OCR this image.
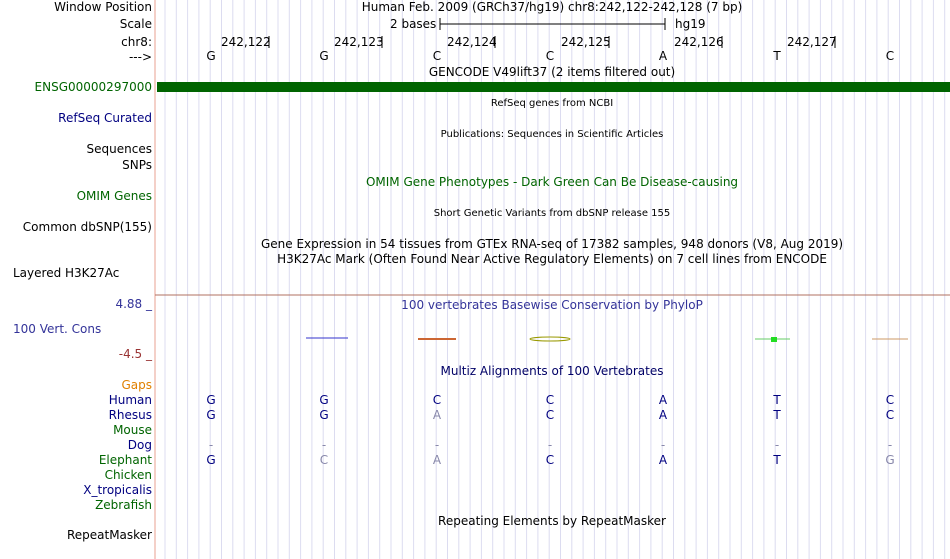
Window Position	Human Feb. 2009 (GRCh37/hg19) chr8:242,122-242,128 (7 bp)
Scale	2 bases	hg19
chr8:
--->
242,122	242,123	242,124	242,125	242,126	242,127
G	G	C	C	A	T	C
GENCODE V49lift37 (2 items filtered out)
ENSG00000297000
RefSeq genes from NCBI
RefSeq Curated
Publications: Sequences in Scientific Articles
Sequences
SNPs
OMIM Gene Phenotypes - Dark Green Can Be Disease-causing
OMIM Genes
Short Genetic Variants from dbSNP release 155
Common dbSNP(155)
Gene Expression in 54 tissues from GTEx RNA-seq of 17382 samples, 948 donors (V8, Aug 2019)
H3K27Ac Mark (Often Found Near Active Regulatory Elements) on 7 cell lines from ENCODE
Layered H3K27Ac
4.88 _	100 vertebrates Basewise Conservation by PhyloP
100 Vert. Cons
-4.5 _
Multiz Alignments of 100 Vertebrates
Gaps
Human	G	G	C	C	A	T	C
Rhesus	G	G	A	C	A	T	C
Mouse
Dog	-	-	-	-	-	-	-
Elephant	G	C	A	C	A	T	G
Chicken
X_tropicalis
Zebrafish
Repeating Elements by RepeatMasker
RepeatMasker
